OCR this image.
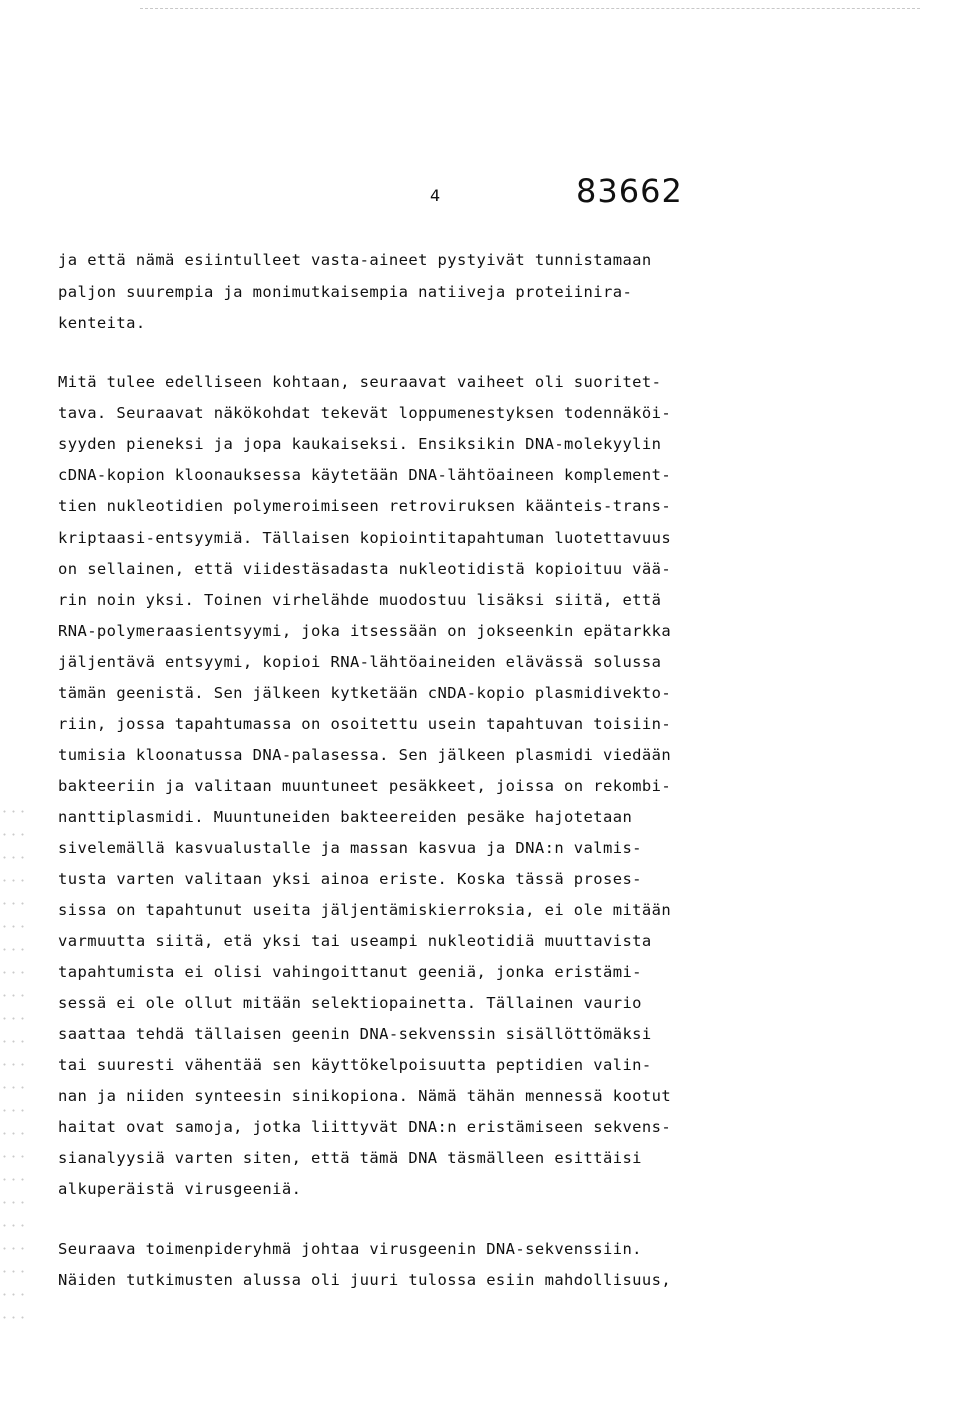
4	83662
ja että nämä esiintulleet vasta-aineet pystyivät tunnistamaan
paljon suurempia ja monimutkaisempia natiiveja proteiinira-
kenteita.
Mitä tulee edelliseen kohtaan, seuraavat vaiheet oli suoritet-
tava. Seuraavat näkökohdat tekevät loppumenestyksen todennäköi-
syyden pieneksi ja jopa kaukaiseksi. Ensiksikin DNA-molekyylin
cDNA-kopion kloonauksessa käytetään DNA-lähtöaineen komplement-
tien nukleotidien polymeroimiseen retroviruksen käänteis-trans-
kriptaasi-entsyymiä. Tällaisen kopiointitapahtuman luotettavuus
on sellainen, että viidestäsadasta nukleotidistä kopioituu vää-
rin noin yksi. Toinen virhelähde muodostuu lisäksi siitä, että
RNA-polymeraasientsyymi, joka itsessään on jokseenkin epätarkka
jäljentävä entsyymi, kopioi RNA-lähtöaineiden elävässä solussa
tämän geenistä. Sen jälkeen kytketään cNDA-kopio plasmidivekto-
riin, jossa tapahtumassa on osoitettu usein tapahtuvan toisiin-
tumisia kloonatussa DNA-palasessa. Sen jälkeen plasmidi viedään
bakteeriin ja valitaan muuntuneet pesäkkeet, joissa on rekombi-
nanttiplasmidi. Muuntuneiden bakteereiden pesäke hajotetaan
sivelemällä kasvualustalle ja massan kasvua ja DNA:n valmis-
tusta varten valitaan yksi ainoa eriste. Koska tässä proses-
sissa on tapahtunut useita jäljentämiskierroksia, ei ole mitään
varmuutta siitä, etä yksi tai useampi nukleotidiä muuttavista
tapahtumista ei olisi vahingoittanut geeniä, jonka eristämi-
sessä ei ole ollut mitään selektiopainetta. Tällainen vaurio
saattaa tehdä tällaisen geenin DNA-sekvenssin sisällöttömäksi
tai suuresti vähentää sen käyttökelpoisuutta peptidien valin-
nan ja niiden synteesin sinikopiona. Nämä tähän mennessä kootut
haitat ovat samoja, jotka liittyvät DNA:n eristämiseen sekvens-
sianalyysiä varten siten, että tämä DNA täsmälleen esittäisi
alkuperäistä virusgeeniä.
Seuraava toimenpideryhmä johtaa virusgeenin DNA-sekvenssiin.
Näiden tutkimusten alussa oli juuri tulossa esiin mahdollisuus,
